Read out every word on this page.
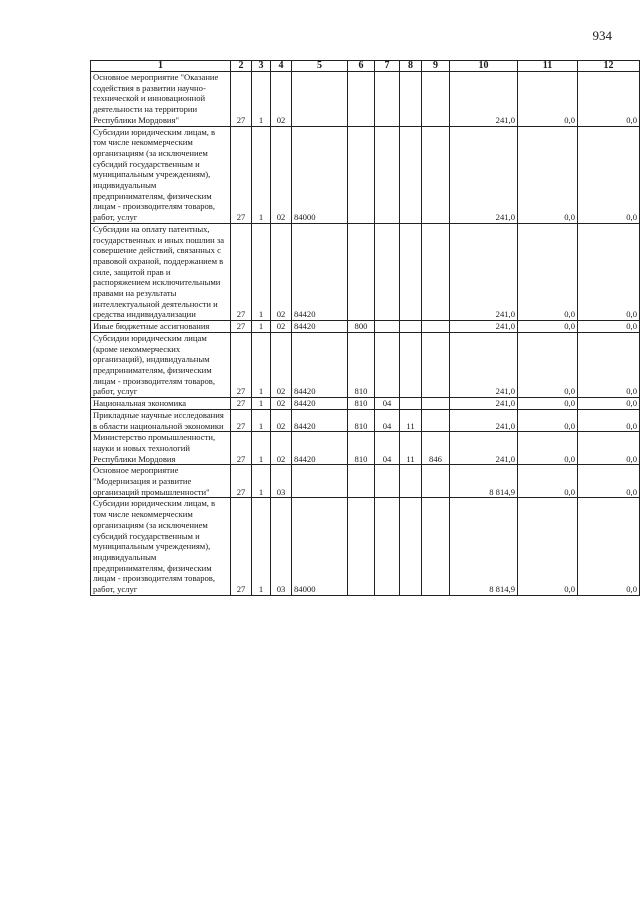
934
1	2	3	4	5	6	7	8	9	10	11	12
Основное мероприятие "Оказание содействия в развитии научно-технической и инновационной деятельности на территории Республики Мордовия"	27	1	02						241,0	0,0	0,0
Субсидии юридическим лицам, в том числе некоммерческим организациям (за исключением субсидий государственным и муниципальным учреждениям), индивидуальным предпринимателям, физическим лицам - производителям товаров, работ, услуг	27	1	02	84000					241,0	0,0	0,0
Субсидии на оплату патентных, государственных и иных пошлин за совершение действий, связанных с правовой охраной, поддержанием в силе, защитой прав и распоряжением исключительными правами на результаты интеллектуальной деятельности и средства индивидуализации	27	1	02	84420					241,0	0,0	0,0
Иные бюджетные ассигнования	27	1	02	84420	800				241,0	0,0	0,0
Субсидии юридическим лицам (кроме некоммерческих организаций), индивидуальным предпринимателям, физическим лицам - производителям товаров, работ, услуг	27	1	02	84420	810				241,0	0,0	0,0
Национальная экономика	27	1	02	84420	810	04			241,0	0,0	0,0
Прикладные научные исследования в области национальной экономики	27	1	02	84420	810	04	11		241,0	0,0	0,0
Министерство промышленности, науки и новых технологий Республики Мордовия	27	1	02	84420	810	04	11	846	241,0	0,0	0,0
Основное мероприятие "Модернизация и развитие организаций промышленности"	27	1	03						8 814,9	0,0	0,0
Субсидии юридическим лицам, в том числе некоммерческим организациям (за исключением субсидий государственным и муниципальным учреждениям), индивидуальным предпринимателям, физическим лицам - производителям товаров, работ, услуг	27	1	03	84000					8 814,9	0,0	0,0
